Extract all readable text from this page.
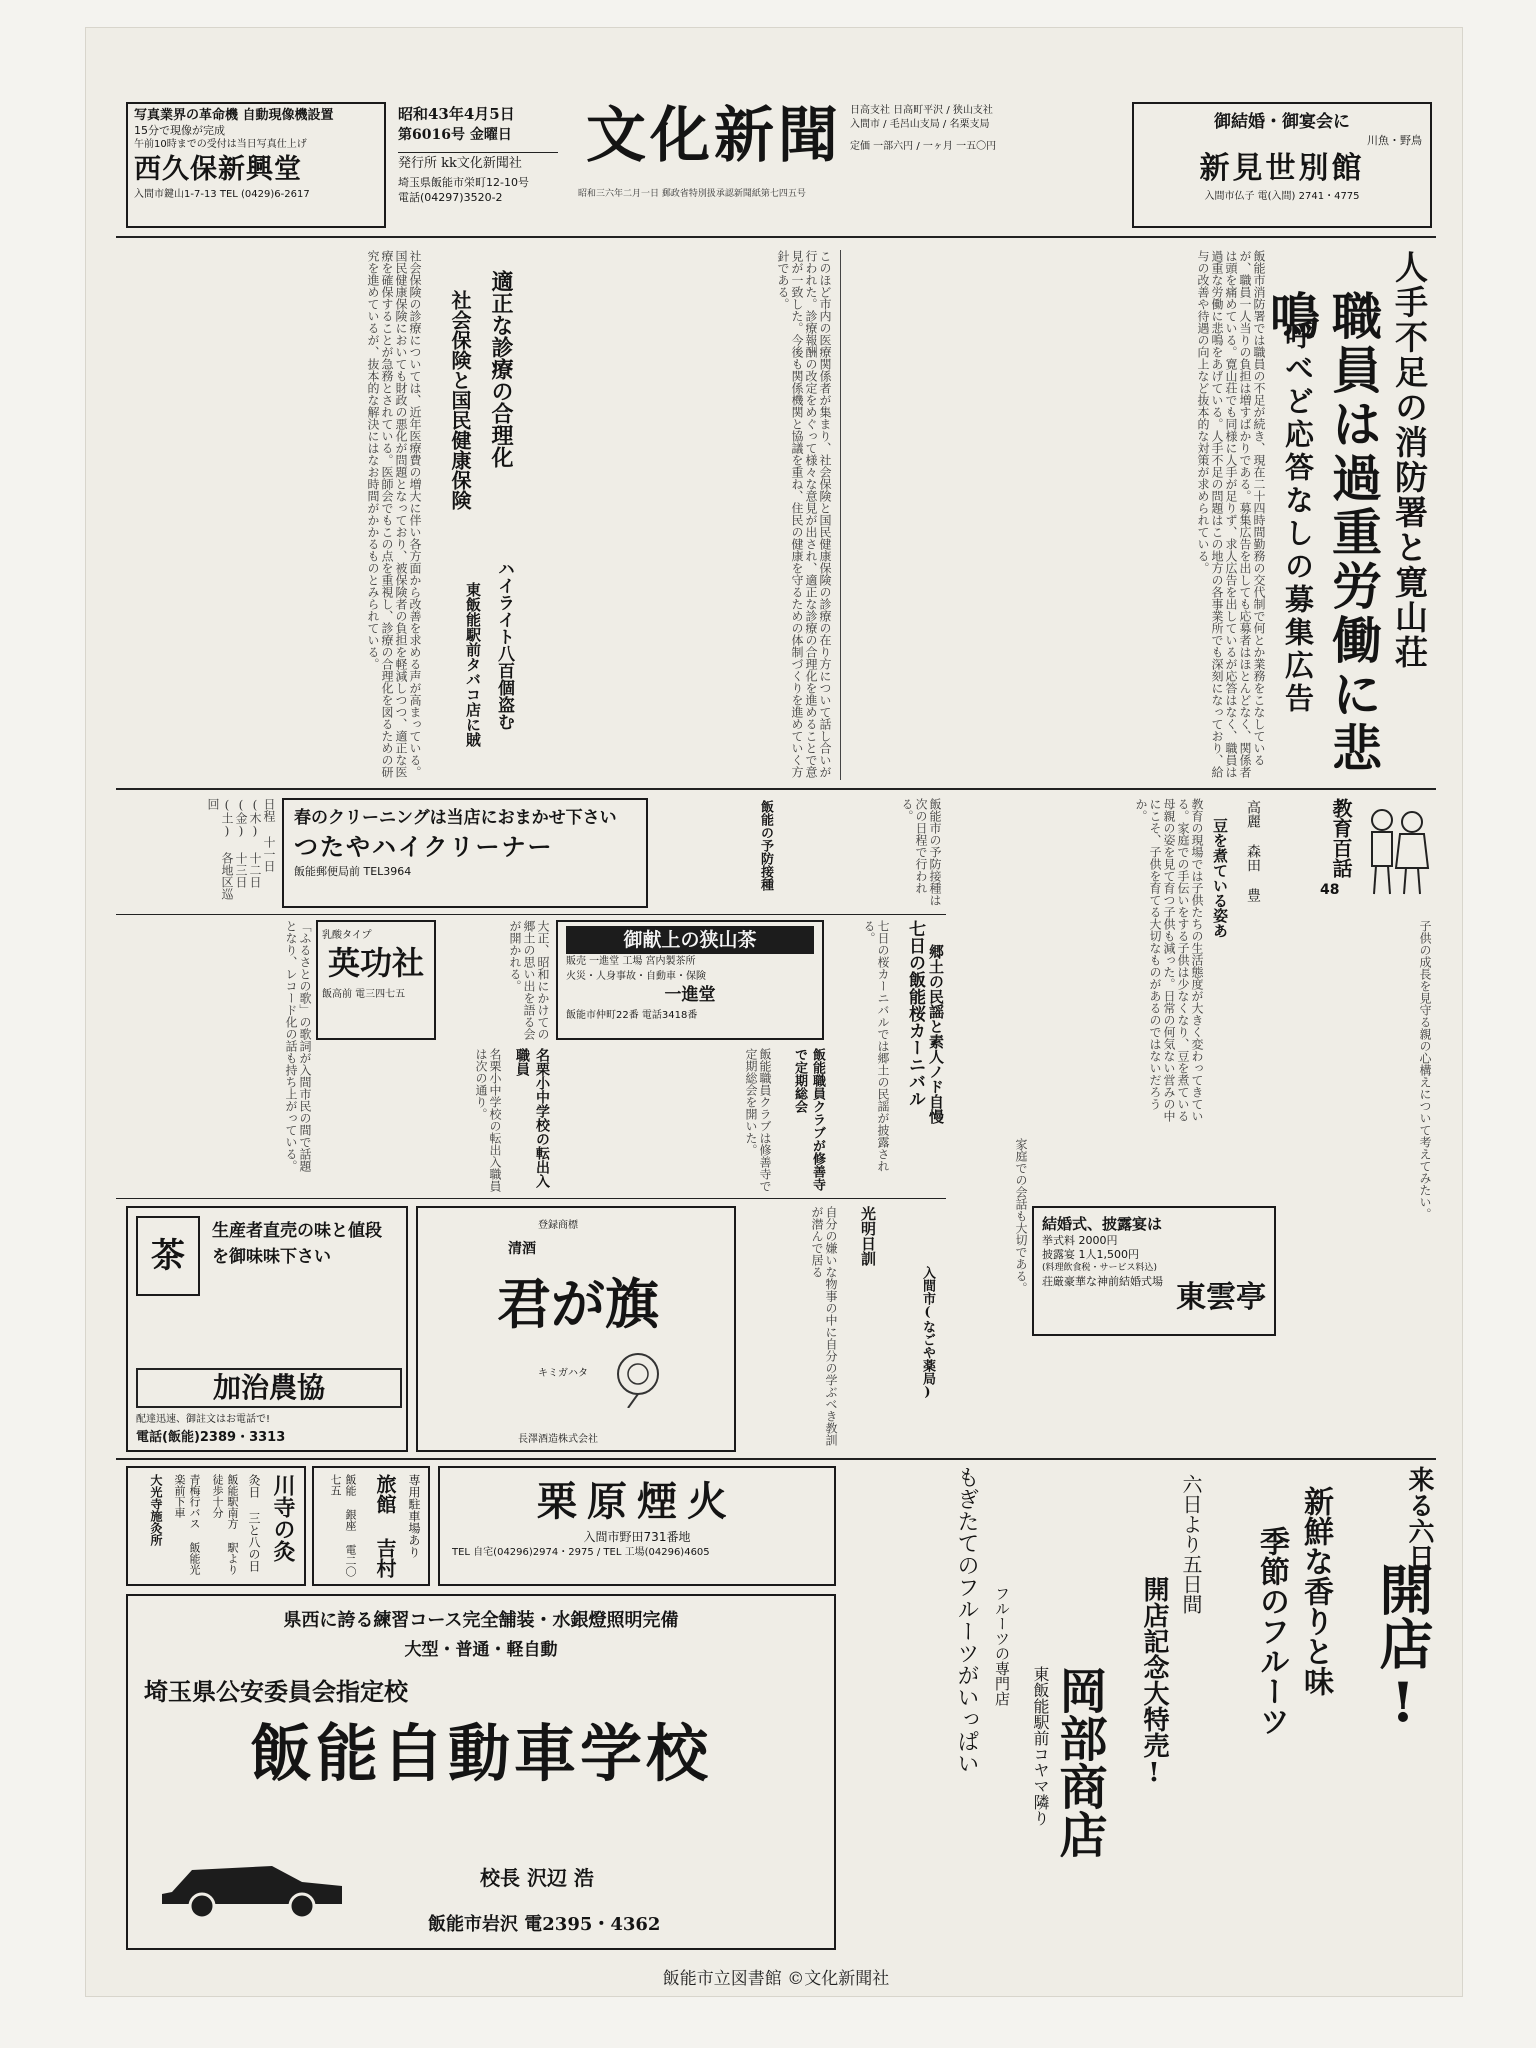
写真業界の革命機 自動現像機設置
15分で現像が完成
午前10時までの受付は当日写真仕上げ
西久保新興堂
入間市鍵山1-7-13 TEL (0429)6-2617
昭和43年4月5日
第6016号 金曜日
発行所 kk文化新聞社
埼玉県飯能市栄町12-10号
電話(04297)3520-2
文化新聞
昭和三六年二月一日 郵政省特別扱承認新聞紙第七四五号
日高支社 日高町平沢 / 狭山支社 入間市 / 毛呂山支局 / 名栗支局
定価 一部六円 / 一ヶ月 一五〇円
御結婚・御宴会に
川魚・野鳥
新見世別館
入間市仏子 電(入間) 2741・4775
人手不足の消防署と寛山荘
職員は過重労働に悲鳴
呼べど応答なしの募集広告
飯能市消防署では職員の不足が続き、現在二十四時間勤務の交代制で何とか業務をこなしているが、職員一人当りの負担は増すばかりである。募集広告を出しても応募者はほとんどなく、関係者は頭を痛めている。寛山荘でも同様に人手が足りず、求人広告を出しているが応答はなく、職員は過重な労働に悲鳴をあげている。人手不足の問題はこの地方の各事業所でも深刻になっており、給与の改善や待遇の向上など抜本的な対策が求められている。
このほど市内の医療関係者が集まり、社会保険と国民健康保険の診療の在り方について話し合いが行われた。診療報酬の改定をめぐって様々な意見が出され、適正な診療の合理化を進めることで意見が一致した。今後も関係機関と協議を重ね、住民の健康を守るための体制づくりを進めていく方針である。
適正な診療の合理化
社会保険と国民健康保険
社会保険の診療については、近年医療費の増大に伴い各方面から改善を求める声が高まっている。国民健康保険においても財政の悪化が問題となっており、被保険者の負担を軽減しつつ、適正な医療を確保することが急務とされている。医師会でもこの点を重視し、診療の合理化を図るための研究を進めているが、抜本的な解決にはなお時間がかかるものとみられている。	ハイライト八百個盗む
東飯能駅前タバコ店に賊
教育百話
48
高麗 森田 豊
豆を煮ている姿あ
教育の現場では子供たちの生活態度が大きく変わってきている。家庭での手伝いをする子供は少なくなり、豆を煮ている母親の姿を見て育つ子供も減った。日常の何気ない営みの中にこそ、子供を育てる大切なものがあるのではないだろうか。
春のクリーニングは当店におまかせ下さい
つたやハイクリーナー
飯能郵便局前 TEL3964
日程 十一日(木) 十二日(金) 十三日(土) 各地区巡回	飯能の予防接種	飯能市の予防接種は次の日程で行われる。
乳酸タイプ
英功社
飯高前 電三四七五
「ふるさとの歌」の歌詞が入間市民の間で話題となり、レコード化の話も持ち上がっている。	御献上の狭山茶
販売 一進堂 工場 宮内製茶所
火災・人身事故・自動車・保険
一進堂
飯能市仲町22番 電話3418番
大正、昭和にかけての郷土の思い出を語る会が開かれる。	七日の飯能桜カーニバル 郷土の民謡と素人ノド自慢
七日の桜カーニバルでは郷土の民謡が披露される。
名栗小中学校の転出入職員
名栗小中学校の転出入職員は次の通り。	飯能職員クラブが修善寺で定期総会
飯能職員クラブは修善寺で定期総会を開いた。
茶
生産者直売の味と値段を御味味下さい
加治農協
配達迅速、御註文はお電話で!
電話(飯能)2389・3313
登録商標
清酒
君が旗
キミガハタ
長澤酒造株式会社	自分の嫌いな物事の中に自分の学ぶべき教訓が潜んで居る	光明日訓
入間市(なごや薬局)
結婚式、披露宴は
挙式料 2000円
披露宴 1人1,500円
(料理飲食税・サービス料込)
荘厳豪華な神前結婚式場 東雲亭
家庭での会話も大切である。	子供の成長を見守る親の心構えについて考えてみたい。
川寺の灸
灸日 三と八の日
飯能駅南方 駅より徒歩十分
青梅行バス 飯能光楽前下車
大光寺施灸所	専用駐車場あり
旅館 吉村
飯能 銀座 電二〇七五	栗原煙火
入間市野田731番地
TEL 自宅(04296)2974・2975 / TEL 工場(04296)4605
県西に誇る練習コース完全舗装・水銀燈照明完備
大型・普通・軽自動
埼玉県公安委員会指定校
飯能自動車学校
校長 沢辺 浩
飯能市岩沢 電2395・4362
来る六日
開店!
新鮮な香りと味
季節のフルーツ
六日より五日間
開店記念大特売!
岡部商店
東飯能駅前コヤマ隣り
フルーツの専門店
もぎたてのフルーツがいっぱい
飯能市立図書館 ©文化新聞社
